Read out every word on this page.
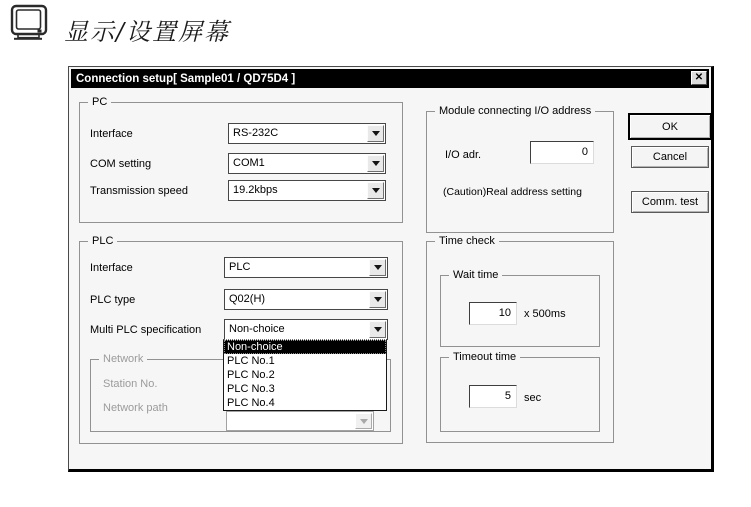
显示/设置屏幕
Connection setup[ Sample01 / QD75D4 ]	✕
PC
Interface	RS-232C
COM setting	COM1
Transmission speed	19.2kbps
PLC
Interface	PLC
PLC type	Q02(H)
Multi PLC specification	Non-choice
Network
Station No.
Network path
Non-choice
PLC No.1
PLC No.2
PLC No.3
PLC No.4
Module connecting I/O address
I/O adr.	0
(Caution)Real address setting
Time check
Wait time
10	x 500ms
Timeout time
5	sec
OK
Cancel
Comm. test
